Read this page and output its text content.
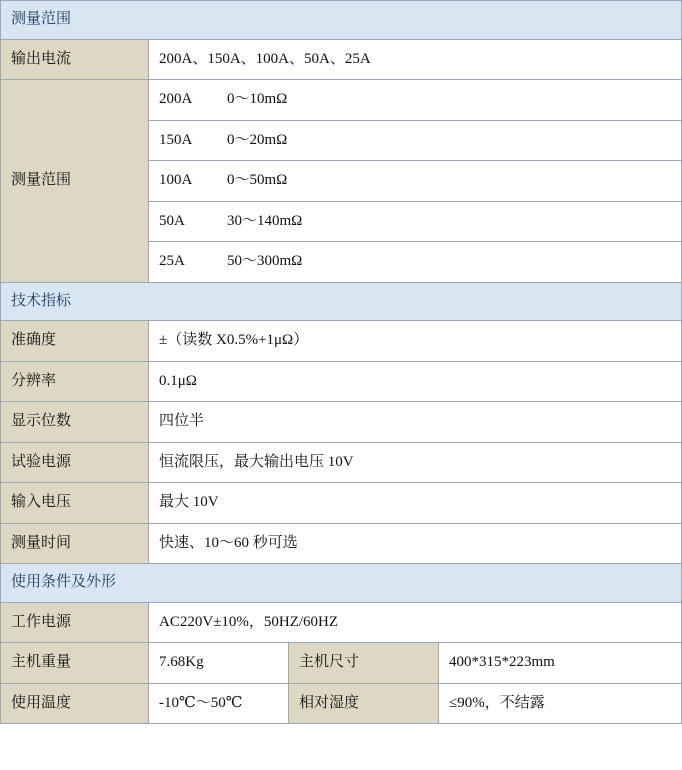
测量范围
输出电流	200A、150A、100A、50A、25A
测量范围	
200A 0～10mΩ
150A 0～20mΩ
100A 0～50mΩ
50A	30～140mΩ
25A	50～300mΩ

技术指标
准确度	±（读数 X0.5%+1μΩ）
分辨率	0.1μΩ
显示位数	四位半
试验电源	恒流限压，最大输出电压 10V
输入电压	最大 10V
测量时间	快速、10～60 秒可选
使用条件及外形
工作电源	AC220V±10%，50HZ/60HZ
主机重量	7.68Kg	主机尺寸	400*315*223mm
使用温度	-10℃～50℃	相对湿度	≤90%，不结露
